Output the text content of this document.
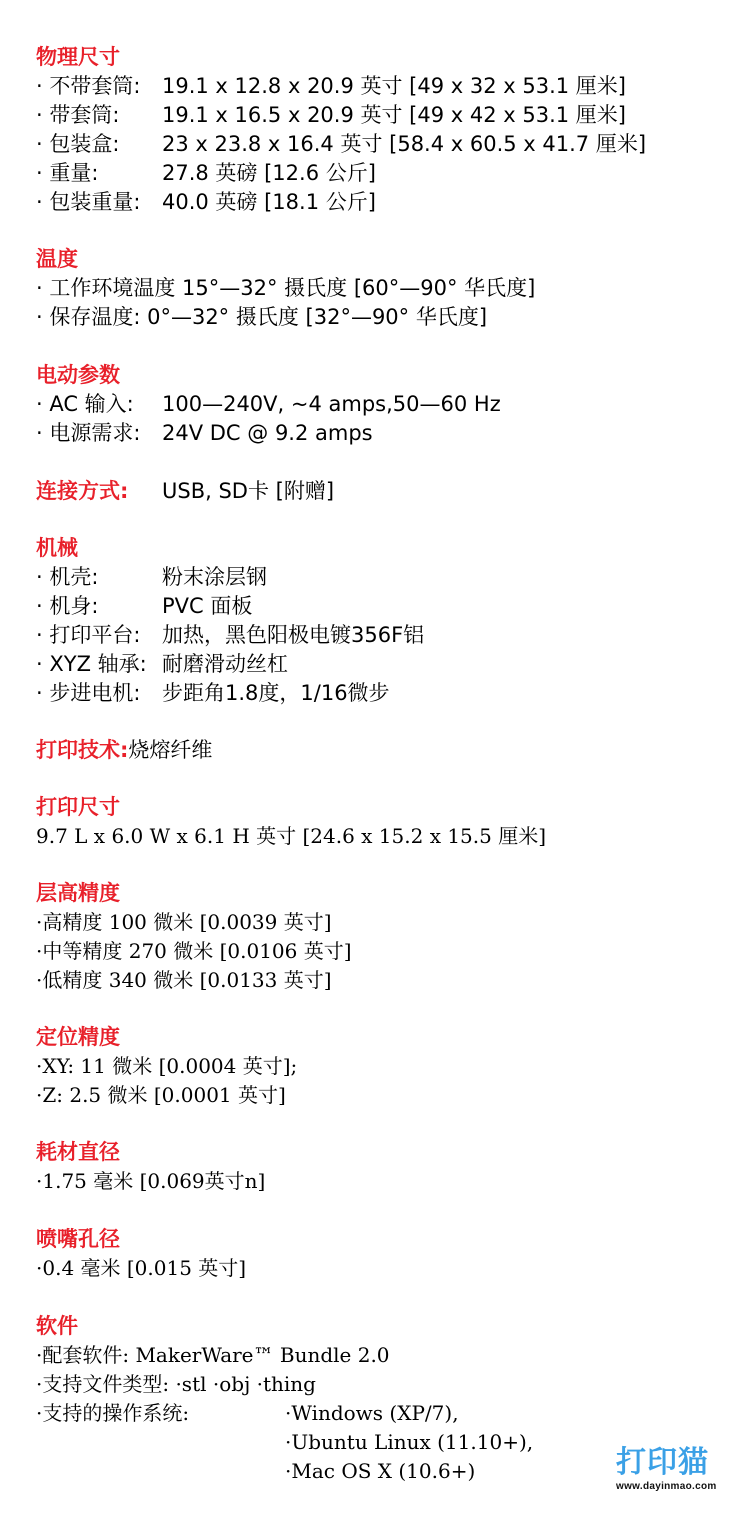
物理尺寸
· 不带套筒: 19.1 x 12.8 x 20.9 英寸 [49 x 32 x 53.1 厘米]
· 带套筒: 19.1 x 16.5 x 20.9 英寸 [49 x 42 x 53.1 厘米]
· 包装盒: 23 x 23.8 x 16.4 英寸 [58.4 x 60.5 x 41.7 厘米]
· 重量:	27.8 英磅 [12.6 公斤]
· 包装重量: 40.0 英磅 [18.1 公斤]
温度
· 工作环境温度 15°—32° 摄氏度 [60°—90° 华氏度]
· 保存温度: 0°—32° 摄氏度 [32°—90° 华氏度]
电动参数
· AC 输入: 100—240V, ~4 amps,50—60 Hz
· 电源需求: 24V DC @ 9.2 amps
连接方式: USB, SD卡 [附赠]
机械
· 机壳:	粉末涂层钢
· 机身:	PVC 面板
· 打印平台: 加热，黑色阳极电镀356F铝
· XYZ 轴承: 耐磨滑动丝杠
· 步进电机: 步距角1.8度，1/16微步
打印技术:烧熔纤维
打印尺寸
9.7 L x 6.0 W x 6.1 H 英寸 [24.6 x 15.2 x 15.5 厘米]
层高精度
·高精度 100 微米 [0.0039 英寸]
·中等精度 270 微米 [0.0106 英寸]
·低精度 340 微米 [0.0133 英寸]
定位精度
·XY: 11 微米 [0.0004 英寸];
·Z: 2.5 微米 [0.0001 英寸]
耗材直径
·1.75 毫米 [0.069英寸n]
喷嘴孔径
·0.4 毫米 [0.015 英寸]
软件
·配套软件: MakerWare™ Bundle 2.0
·支持文件类型: ·stl ·obj ·thing
·支持的操作系统:	·Windows (XP/7),
·Ubuntu Linux (11.10+),
·Mac OS X (10.6+)	打印猫
www.dayinmao.com
